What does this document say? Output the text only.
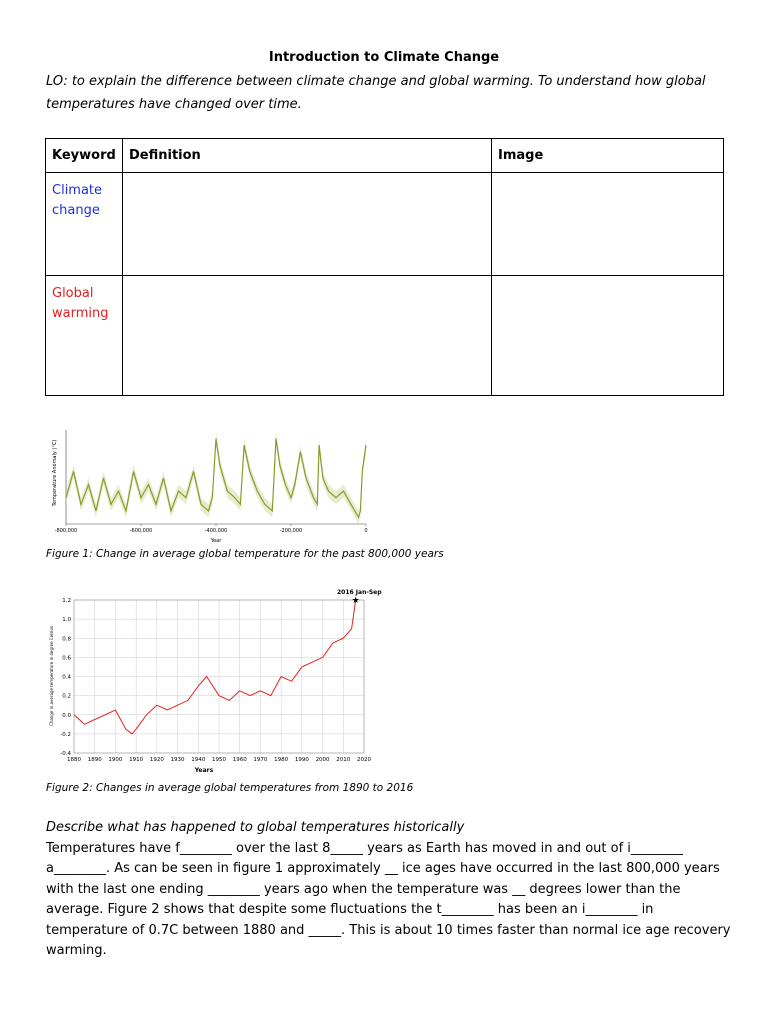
Introduction to Climate Change
LO: to explain the difference between climate change and global warming. To understand how global temperatures have changed over time.
Keyword	Definition	Image
Climate change		
Global warming		
Temperature Anomaly (°C)
-800,000	-600,000	-400,000	-200,000	0
Year
Figure 1: Change in average global temperature for the past 800,000 years
Change in average temperature in degree Celsius
-0.4
-0.2
0.0
0.2
0.4
0.6
0.8
1.0
1.2
1880 1890 1900 1910 1920 1930 1940 1950 1960 1970 1980 1990 2000 2010 2020
★
2016 Jan-Sep
Years
Figure 2: Changes in average global temperatures from 1890 to 2016
Describe what has happened to global temperatures historically
Temperatures have f________ over the last 8_____ years as Earth has moved in and out of i________ a________. As can be seen in figure 1 approximately __ ice ages have occurred in the last 800,000 years with the last one ending ________ years ago when the temperature was __ degrees lower than the average. Figure 2 shows that despite some fluctuations the t________ has been an i________ in temperature of 0.7C between 1880 and _____. This is about 10 times faster than normal ice age recovery warming.
